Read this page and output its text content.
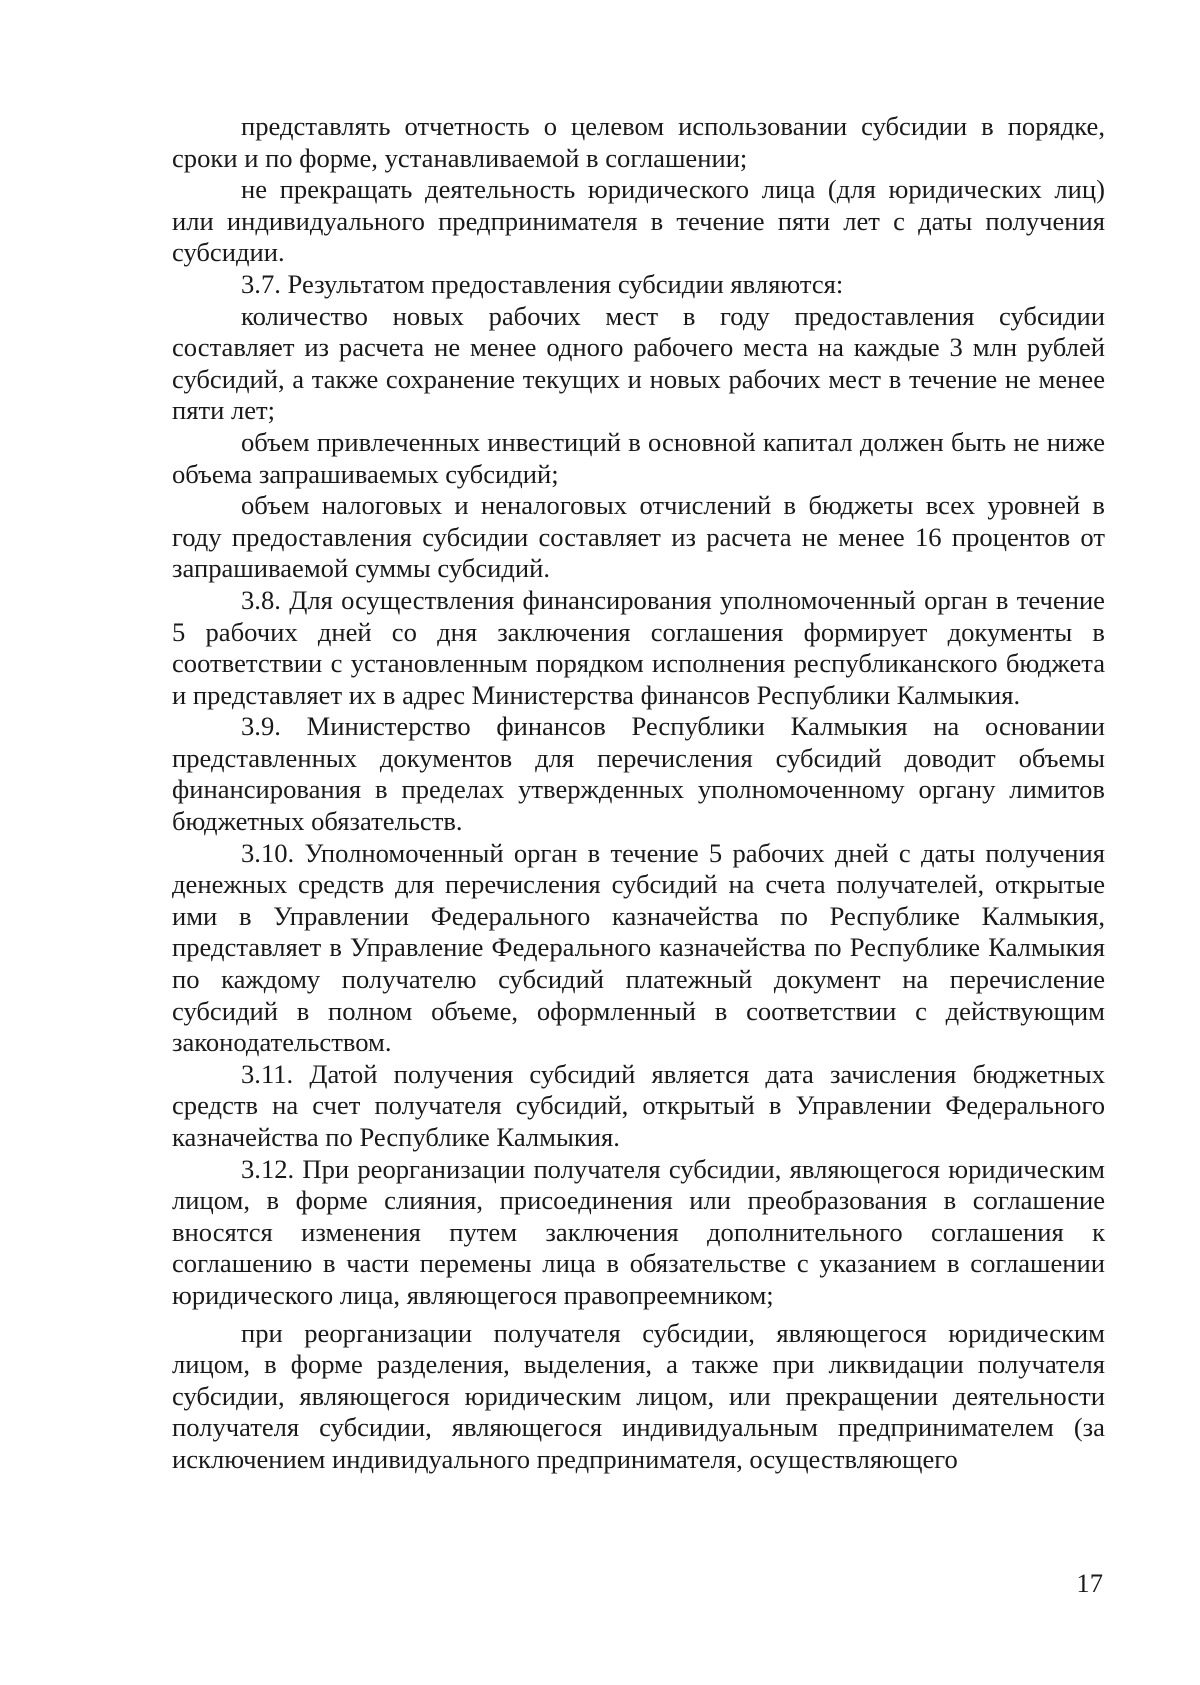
представлять отчетность о целевом использовании субсидии в порядке, сроки и по форме, устанавливаемой в соглашении;

не прекращать деятельность юридического лица (для юридических лиц) или индивидуального предпринимателя в течение пяти лет с даты получения субсидии.

3.7. Результатом предоставления субсидии являются:

количество новых рабочих мест в году предоставления субсидии составляет из расчета не менее одного рабочего места на каждые 3 млн рублей субсидий, а также сохранение текущих и новых рабочих мест в течение не менее пяти лет;

объем привлеченных инвестиций в основной капитал должен быть не ниже объема запрашиваемых субсидий;

объем налоговых и неналоговых отчислений в бюджеты всех уровней в году предоставления субсидии составляет из расчета не менее 16 процентов от запрашиваемой суммы субсидий.

3.8. Для осуществления финансирования уполномоченный орган в течение 5 рабочих дней со дня заключения соглашения формирует документы в соответствии с установленным порядком исполнения республиканского бюджета и представляет их в адрес Министерства финансов Республики Калмыкия.

3.9. Министерство финансов Республики Калмыкия на основании представленных документов для перечисления субсидий доводит объемы финансирования в пределах утвержденных уполномоченному органу лимитов бюджетных обязательств.

3.10. Уполномоченный орган в течение 5 рабочих дней с даты получения денежных средств для перечисления субсидий на счета получателей, открытые ими в Управлении Федерального казначейства по Республике Калмыкия, представляет в Управление Федерального казначейства по Республике Калмыкия по каждому получателю субсидий платежный документ на перечисление субсидий в полном объеме, оформленный в соответствии с действующим законодательством.

3.11. Датой получения субсидий является дата зачисления бюджетных средств на счет получателя субсидий, открытый в Управлении Федерального казначейства по Республике Калмыкия.

3.12. При реорганизации получателя субсидии, являющегося юридическим лицом, в форме слияния, присоединения или преобразования в соглашение вносятся изменения путем заключения дополнительного соглашения к соглашению в части перемены лица в обязательстве с указанием в соглашении юридического лица, являющегося правопреемником;

при реорганизации получателя субсидии, являющегося юридическим лицом, в форме разделения, выделения, а также при ликвидации получателя субсидии, являющегося юридическим лицом, или прекращении деятельности получателя субсидии, являющегося индивидуальным предпринимателем (за исключением индивидуального предпринимателя, осуществляющего

17
